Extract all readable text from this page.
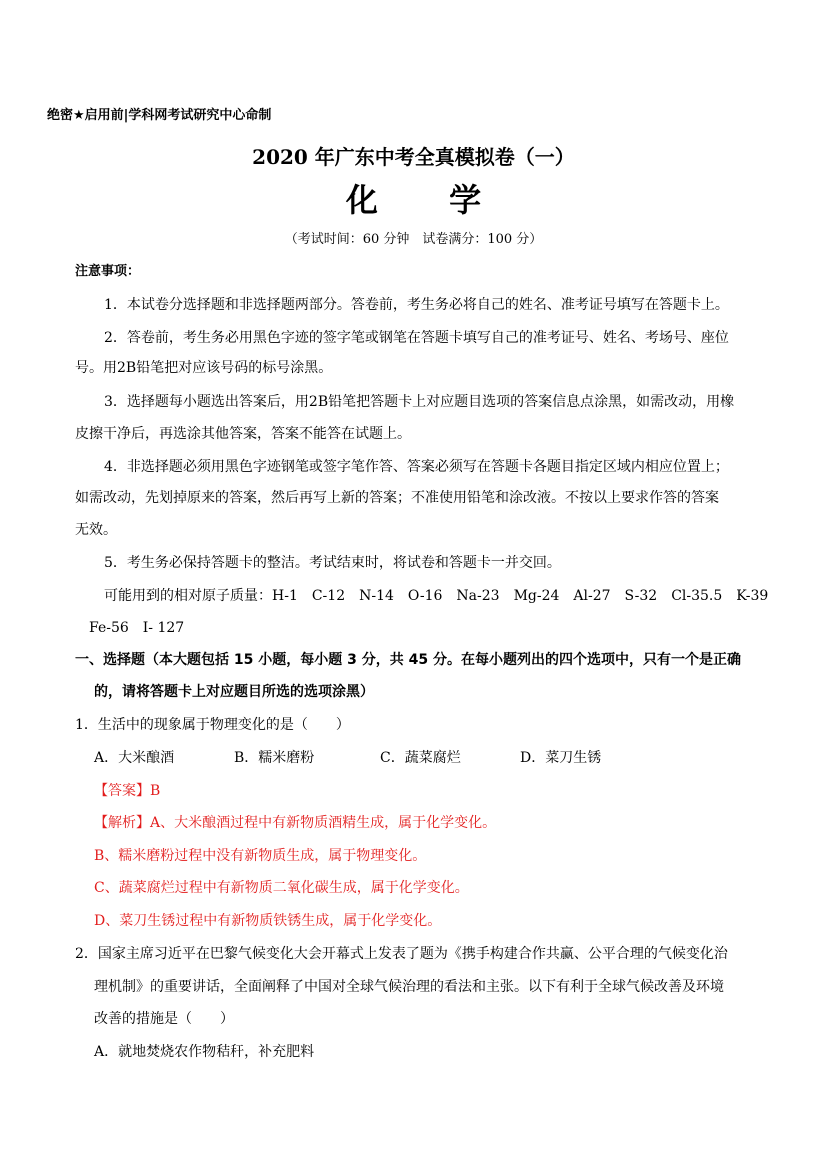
绝密★启用前|学科网考试研究中心命制
2020 年广东中考全真模拟卷（一）
化 学
（考试时间：60 分钟　试卷满分：100 分）
注意事项：
1．本试卷分选择题和非选择题两部分。答卷前，考生务必将自己的姓名、准考证号填写在答题卡上。
2．答卷前，考生务必用黑色字迹的签字笔或钢笔在答题卡填写自己的准考证号、姓名、考场号、座位
号。用2B铅笔把对应该号码的标号涂黑。
3．选择题每小题选出答案后，用2B铅笔把答题卡上对应题目选项的答案信息点涂黑，如需改动，用橡
皮擦干净后，再选涂其他答案，答案不能答在试题上。
4．非选择题必须用黑色字迹钢笔或签字笔作答、答案必须写在答题卡各题目指定区域内相应位置上；
如需改动，先划掉原来的答案，然后再写上新的答案；不准使用铅笔和涂改液。不按以上要求作答的答案
无效。
5．考生务必保持答题卡的整洁。考试结束时，将试卷和答题卡一并交回。
可能用到的相对原子质量：H-1　C-12　N-14　O-16　Na-23　Mg-24　Al-27　S-32　Cl-35.5　K-39
Fe-56　I- 127
一、选择题（本大题包括 15 小题，每小题 3 分，共 45 分。在每小题列出的四个选项中，只有一个是正确
的，请将答题卡上对应题目所选的选项涂黑）
1．生活中的现象属于物理变化的是（　　）
A．大米酿酒	B．糯米磨粉	C．蔬菜腐烂	D．菜刀生锈
【答案】B
【解析】A、大米酿酒过程中有新物质酒精生成，属于化学变化。
B、糯米磨粉过程中没有新物质生成，属于物理变化。
C、蔬菜腐烂过程中有新物质二氧化碳生成，属于化学变化。
D、菜刀生锈过程中有新物质铁锈生成，属于化学变化。
2．国家主席习近平在巴黎气候变化大会开幕式上发表了题为《携手构建合作共赢、公平合理的气候变化治
理机制》的重要讲话，全面阐释了中国对全球气候治理的看法和主张。以下有利于全球气候改善及环境
改善的措施是（　　）
A．就地焚烧农作物秸秆，补充肥料
